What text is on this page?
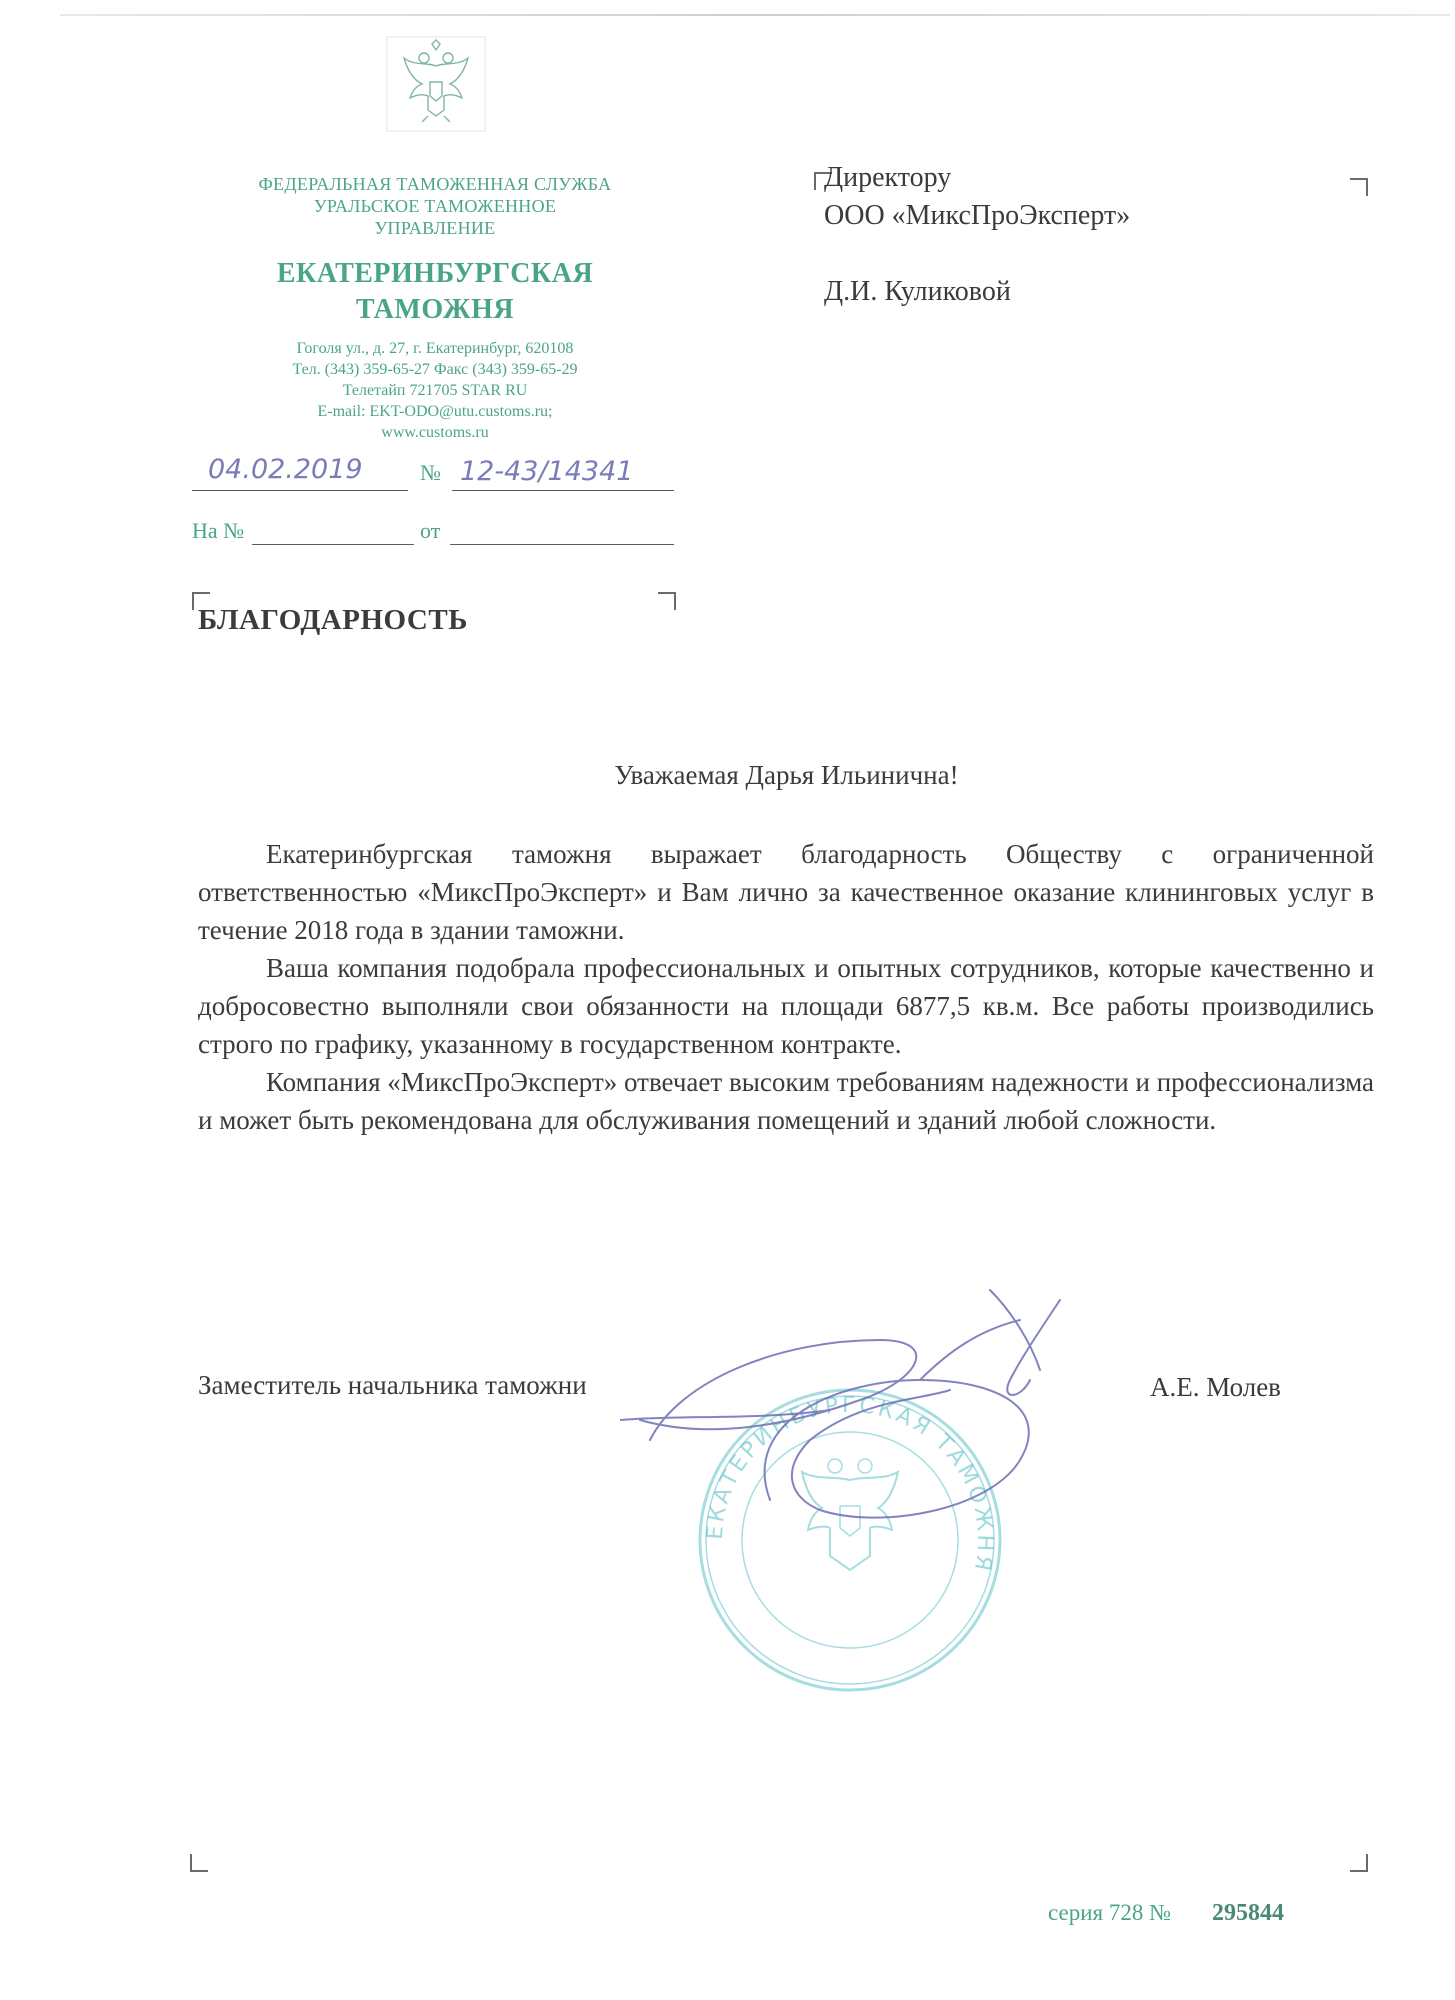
ФЕДЕРАЛЬНАЯ ТАМОЖЕННАЯ СЛУЖБА
УРАЛЬСКОЕ ТАМОЖЕННОЕ
УПРАВЛЕНИЕ
ЕКАТЕРИНБУРГСКАЯ
ТАМОЖНЯ
Гоголя ул., д. 27, г. Екатеринбург, 620108
Тел. (343) 359-65-27 Факс (343) 359-65-29
Телетайп 721705 STAR RU
E-mail: EKT-ODO@utu.customs.ru;
www.customs.ru
04.02.2019	№ 12-43/14341
На №	от
Директору
ООО «МиксПроЭксперт»
Д.И. Куликовой
БЛАГОДАРНОСТЬ
Уважаемая Дарья Ильинична!

Екатеринбургская таможня выражает благодарность Обществу с ограниченной ответственностью «МиксПроЭксперт» и Вам лично за качественное оказание клининговых услуг в течение 2018 года в здании таможни.

Ваша компания подобрала профессиональных и опытных сотрудников, которые качественно и добросовестно выполняли свои обязанности на площади 6877,5 кв.м. Все работы производились строго по графику, указанному в государственном контракте.

Компания «МиксПроЭксперт» отвечает высоким требованиям надежности и профессионализма и может быть рекомендована для обслуживания помещений и зданий любой сложности.

ЕКАТЕРИНБУРГСКАЯ ТАМОЖНЯ
Заместитель начальника таможни	А.Е. Молев
серия 728 № 295844
